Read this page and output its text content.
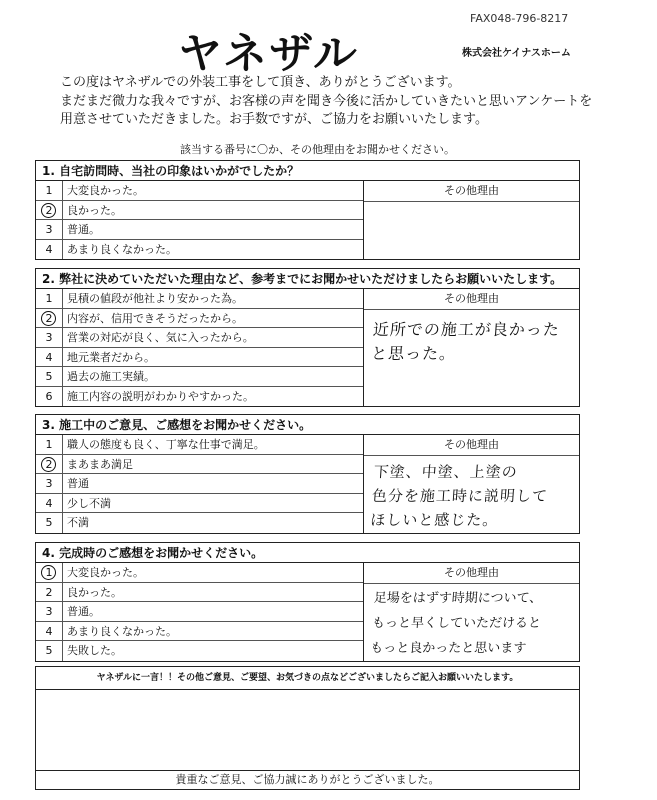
ヤネザル
FAX048-796-8217
株式会社ケイナスホーム
この度はヤネザルでの外装工事をして頂き、ありがとうございます。
まだまだ微力な我々ですが、お客様の声を聞き今後に活かしていきたいと思いアンケートを
用意させていただきました。お手数ですが、ご協力をお願いいたします。
該当する番号に〇か、その他理由をお聞かせください。
1. 自宅訪問時、当社の印象はいかがでしたか？
1	大変良かった。
2	良かった。
3	普通。
4	あまり良くなかった。
その他理由
2. 弊社に決めていただいた理由など、参考までにお聞かせいただけましたらお願いいたします。
1	見積の値段が他社より安かった為。
2	内容が、信用できそうだったから。
3	営業の対応が良く、気に入ったから。
4	地元業者だから。
5	過去の施工実績。
6	施工内容の説明がわかりやすかった。
その他理由
近所での施工が良かった
と思った。
3. 施工中のご意見、ご感想をお聞かせください。
1	職人の態度も良く、丁寧な仕事で満足。
2	まあまあ満足
3	普通
4	少し不満
5	不満
その他理由
下塗、中塗、上塗の
色分を施工時に説明して
ほしいと感じた。
4. 完成時のご感想をお聞かせください。
1	大変良かった。
2	良かった。
3	普通。
4	あまり良くなかった。
5	失敗した。
その他理由
足場をはずす時期について、
もっと早くしていただけると
もっと良かったと思います
ヤネザルに一言！！その他ご意見、ご要望、お気づきの点などございましたらご記入お願いいたします。
貴重なご意見、ご協力誠にありがとうございました。
